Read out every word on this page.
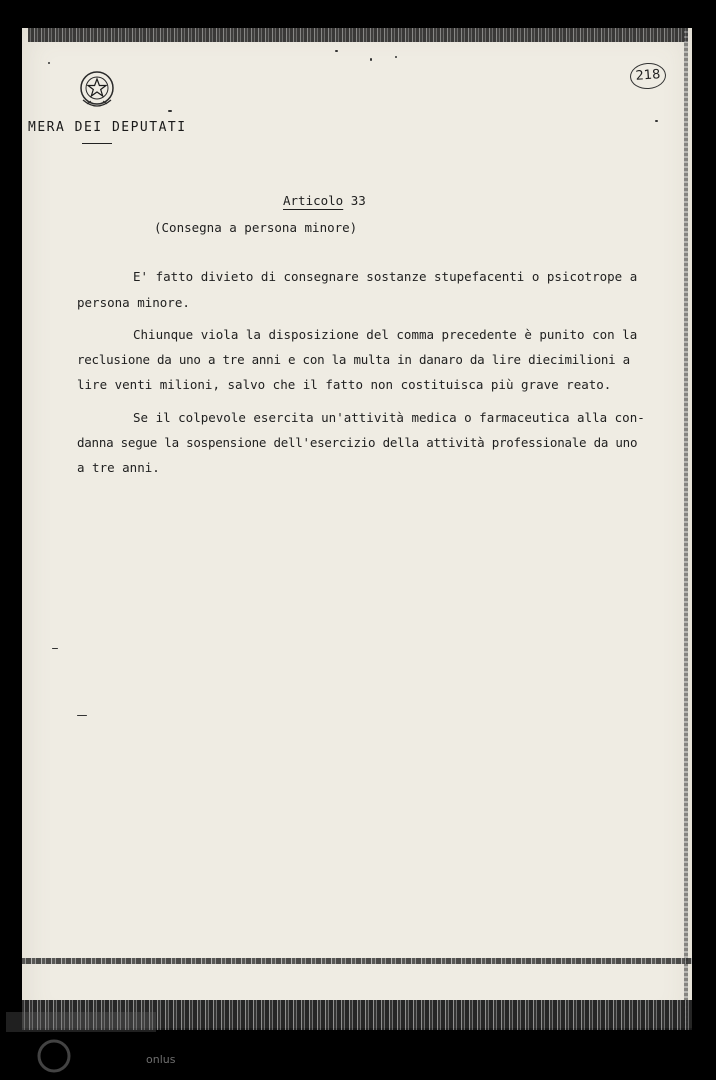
MERA DEI DEPUTATI
218
Articolo 33
(Consegna a persona minore)
E' fatto divieto di consegnare sostanze stupefacenti o psicotrope a
persona minore.
Chiunque viola la disposizione del comma precedente è punito con la
reclusione da uno a tre anni e con la multa in danaro da lire diecimilioni a
lire venti milioni, salvo che il fatto non costituisca più grave reato.
Se il colpevole esercita un'attività medica o farmaceutica alla con-
danna segue la sospensione dell'esercizio della attività professionale da uno
a tre anni.
onlus
